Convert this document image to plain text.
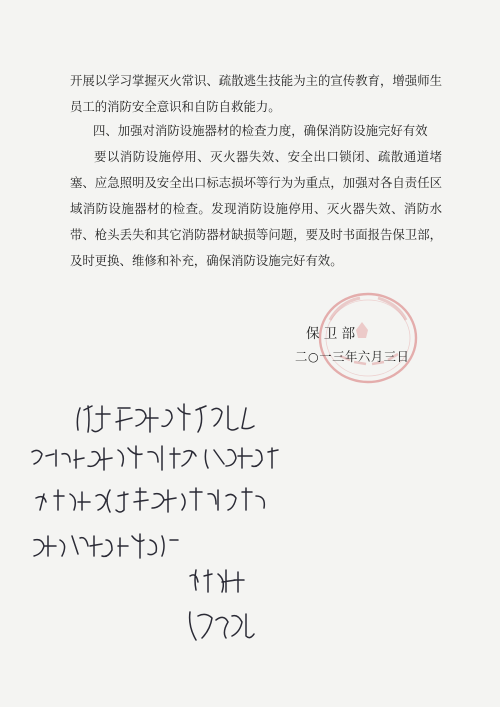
开展以学习掌握灭火常识、疏散逃生技能为主的宣传教育，增强师生员工的消防安全意识和自防自救能力。

四、加强对消防设施器材的检查力度，确保消防设施完好有效

要以消防设施停用、灭火器失效、安全出口锁闭、疏散通道堵塞、应急照明及安全出口标志损坏等行为为重点，加强对各自责任区域消防设施器材的检查。发现消防设施停用、灭火器失效、消防水带、枪头丢失和其它消防器材缺损等问题，要及时书面报告保卫部，及时更换、维修和补充，确保消防设施完好有效。

保 卫 部
二○一三年六月三日
